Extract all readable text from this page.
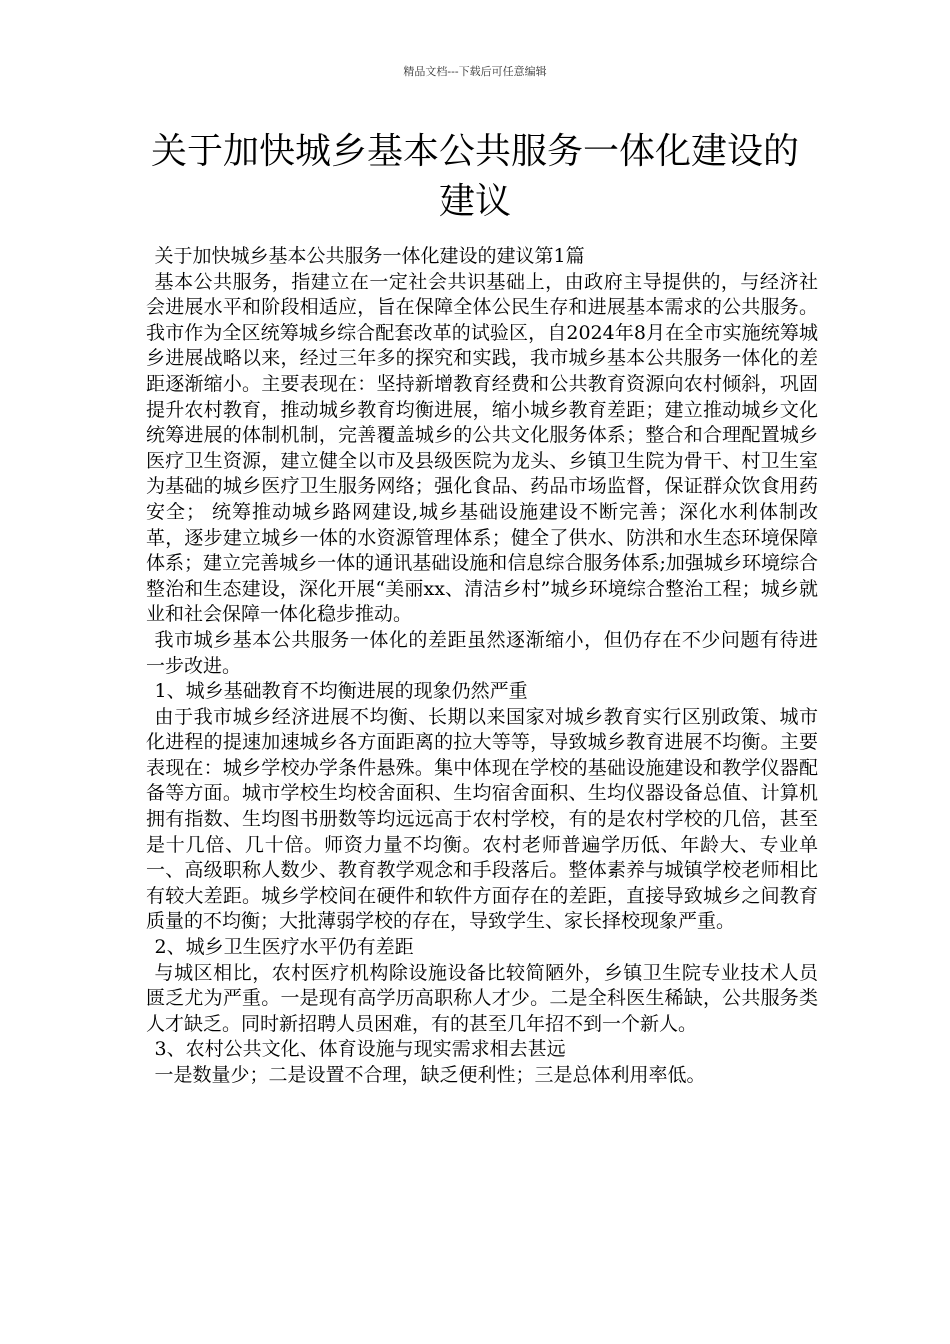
精品文档---下载后可任意编辑
关于加快城乡基本公共服务一体化建设的建议

关于加快城乡基本公共服务一体化建设的建议第1篇

基本公共服务，指建立在一定社会共识基础上，由政府主导提供的，与经济社会进展水平和阶段相适应，旨在保障全体公民生存和进展基本需求的公共服务。我市作为全区统筹城乡综合配套改革的试验区，自2024年8月在全市实施统筹城乡进展战略以来，经过三年多的探究和实践，我市城乡基本公共服务一体化的差距逐渐缩小。主要表现在：坚持新增教育经费和公共教育资源向农村倾斜，巩固提升农村教育，推动城乡教育均衡进展，缩小城乡教育差距；建立推动城乡文化统筹进展的体制机制，完善覆盖城乡的公共文化服务体系；整合和合理配置城乡医疗卫生资源，建立健全以市及县级医院为龙头、乡镇卫生院为骨干、村卫生室为基础的城乡医疗卫生服务网络；强化食品、药品市场监督，保证群众饮食用药安全； 统筹推动城乡路网建设,城乡基础设施建设不断完善；深化水利体制改革，逐步建立城乡一体的水资源管理体系；健全了供水、防洪和水生态环境保障体系；建立完善城乡一体的通讯基础设施和信息综合服务体系;加强城乡环境综合整治和生态建设，深化开展“美丽xx、清洁乡村”城乡环境综合整治工程；城乡就业和社会保障一体化稳步推动。

我市城乡基本公共服务一体化的差距虽然逐渐缩小，但仍存在不少问题有待进一步改进。

1、城乡基础教育不均衡进展的现象仍然严重

由于我市城乡经济进展不均衡、长期以来国家对城乡教育实行区别政策、城市化进程的提速加速城乡各方面距离的拉大等等，导致城乡教育进展不均衡。主要表现在：城乡学校办学条件悬殊。集中体现在学校的基础设施建设和教学仪器配备等方面。城市学校生均校舍面积、生均宿舍面积、生均仪器设备总值、计算机拥有指数、生均图书册数等均远远高于农村学校，有的是农村学校的几倍，甚至是十几倍、几十倍。师资力量不均衡。农村老师普遍学历低、年龄大、专业单一、高级职称人数少、教育教学观念和手段落后。整体素养与城镇学校老师相比有较大差距。城乡学校间在硬件和软件方面存在的差距，直接导致城乡之间教育质量的不均衡；大批薄弱学校的存在，导致学生、家长择校现象严重。

2、城乡卫生医疗水平仍有差距

与城区相比，农村医疗机构除设施设备比较简陋外，乡镇卫生院专业技术人员匮乏尤为严重。一是现有高学历高职称人才少。二是全科医生稀缺，公共服务类人才缺乏。同时新招聘人员困难，有的甚至几年招不到一个新人。

3、农村公共文化、体育设施与现实需求相去甚远

一是数量少；二是设置不合理，缺乏便利性；三是总体利用率低。
